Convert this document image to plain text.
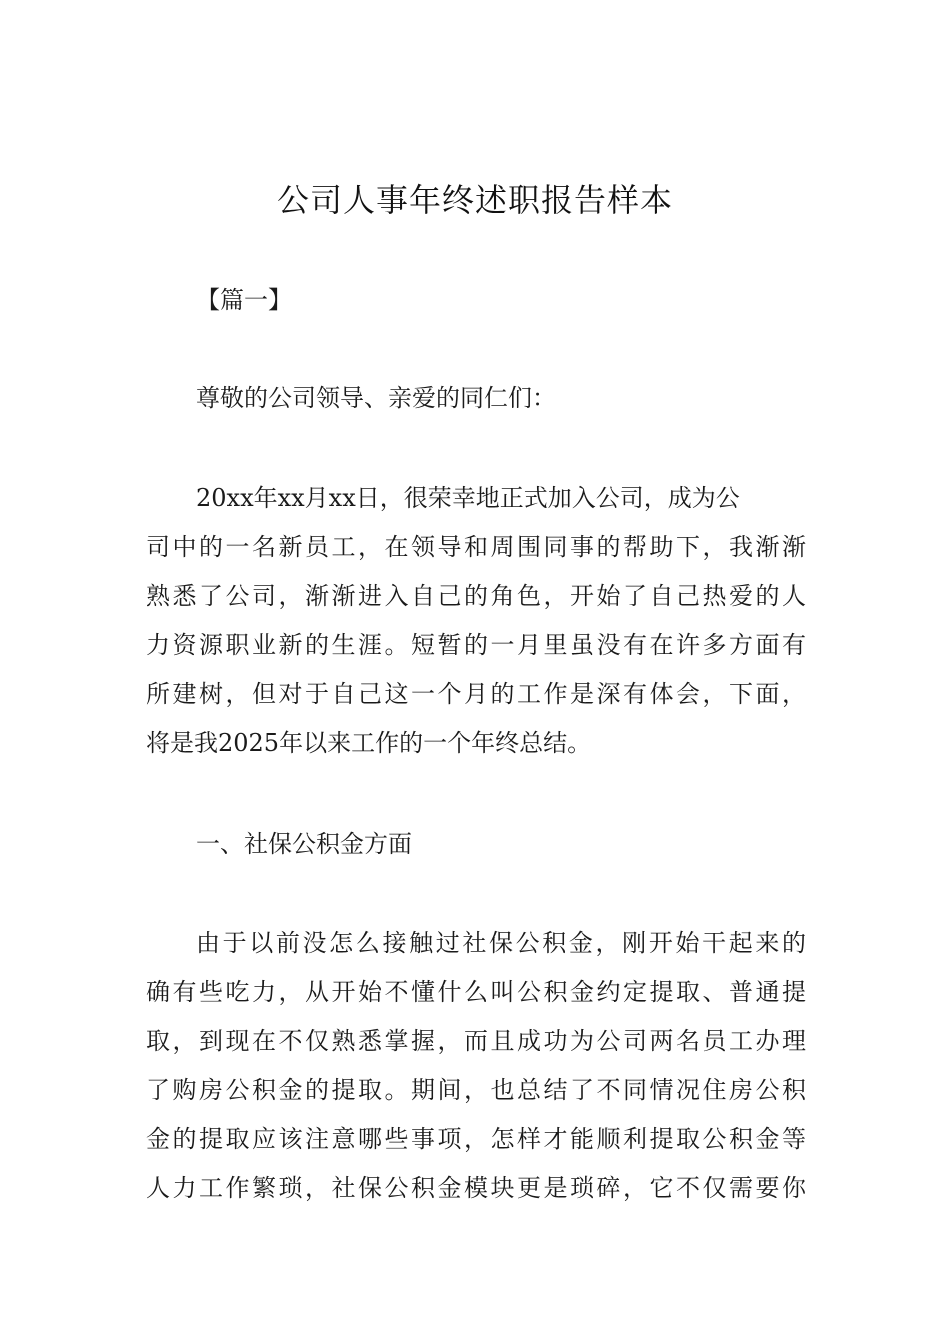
公司人事年终述职报告样本
【篇一】
尊敬的公司领导、亲爱的同仁们：
20xx年xx月xx日，很荣幸地正式加入公司，成为公
司中的一名新员工，在领导和周围同事的帮助下，我渐渐
熟悉了公司，渐渐进入自己的角色，开始了自己热爱的人
力资源职业新的生涯。短暂的一月里虽没有在许多方面有
所建树，但对于自己这一个月的工作是深有体会，下面，
将是我2025年以来工作的一个年终总结。
一、社保公积金方面
由于以前没怎么接触过社保公积金，刚开始干起来的
确有些吃力，从开始不懂什么叫公积金约定提取、普通提
取，到现在不仅熟悉掌握，而且成功为公司两名员工办理
了购房公积金的提取。期间，也总结了不同情况住房公积
金的提取应该注意哪些事项，怎样才能顺利提取公积金等
人力工作繁琐，社保公积金模块更是琐碎，它不仅需要你
